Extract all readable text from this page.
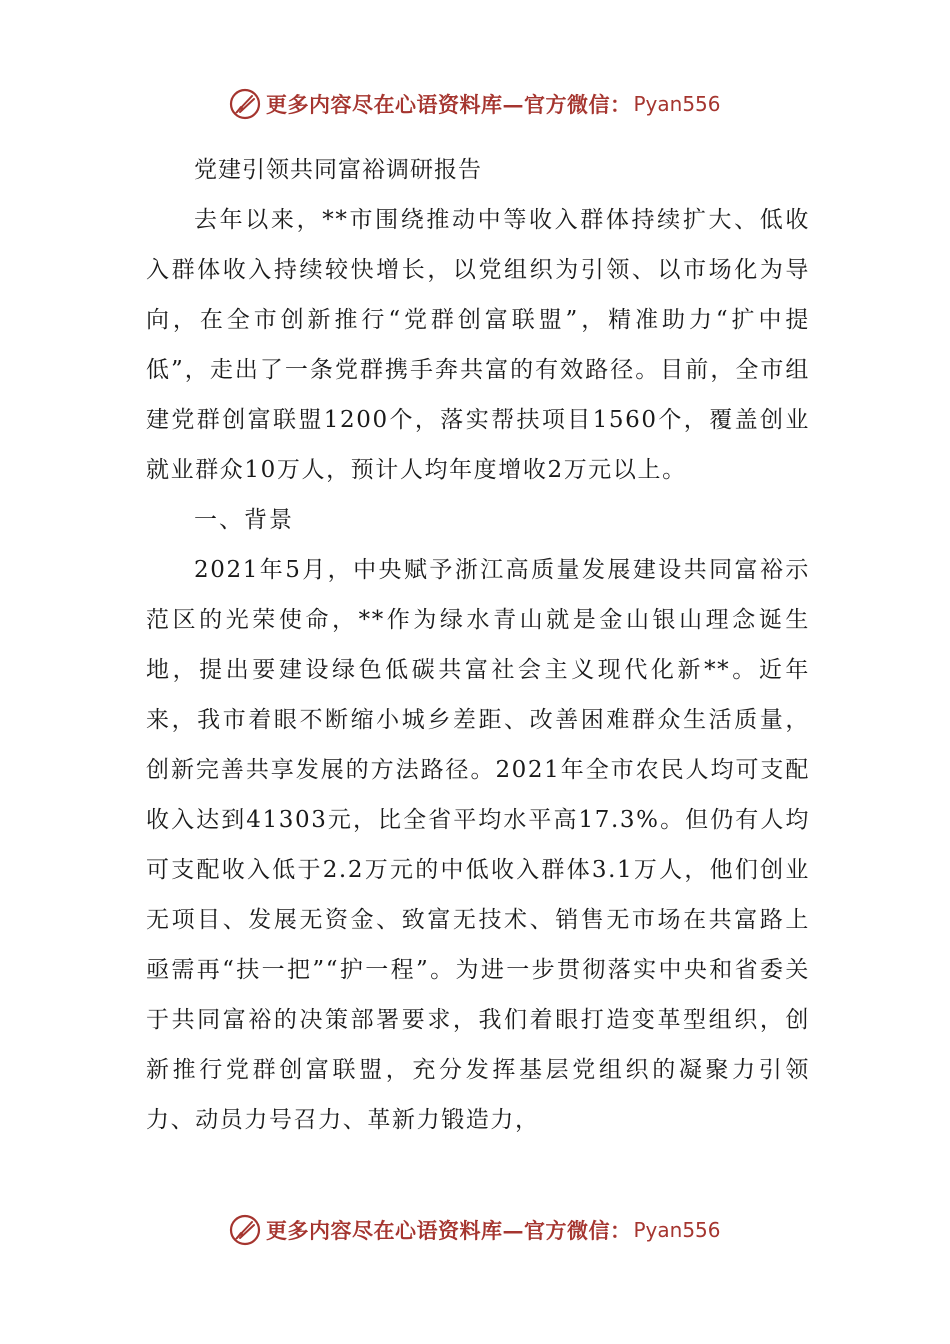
更多内容尽在心语资料库—官方微信： Pyan556
党建引领共同富裕调研报告

去年以来，**市围绕推动中等收入群体持续扩大、低收入群体收入持续较快增长，以党组织为引领、以市场化为导向，在全市创新推行“党群创富联盟”，精准助力“扩中提低”，走出了一条党群携手奔共富的有效路径。目前，全市组建党群创富联盟1200个，落实帮扶项目1560个，覆盖创业就业群众10万人，预计人均年度增收2万元以上。

一、背景

2021年5月，中央赋予浙江高质量发展建设共同富裕示范区的光荣使命，**作为绿水青山就是金山银山理念诞生地，提出要建设绿色低碳共富社会主义现代化新**。近年来，我市着眼不断缩小城乡差距、改善困难群众生活质量，创新完善共享发展的方法路径。2021年全市农民人均可支配收入达到41303元，比全省平均水平高17.3%。但仍有人均可支配收入低于2.2万元的中低收入群体3.1万人，他们创业无项目、发展无资金、致富无技术、销售无市场在共富路上亟需再“扶一把”“护一程”。为进一步贯彻落实中央和省委关于共同富裕的决策部署要求，我们着眼打造变革型组织，创新推行党群创富联盟，充分发挥基层党组织的凝聚力引领力、动员力号召力、革新力锻造力，

更多内容尽在心语资料库—官方微信： Pyan556
